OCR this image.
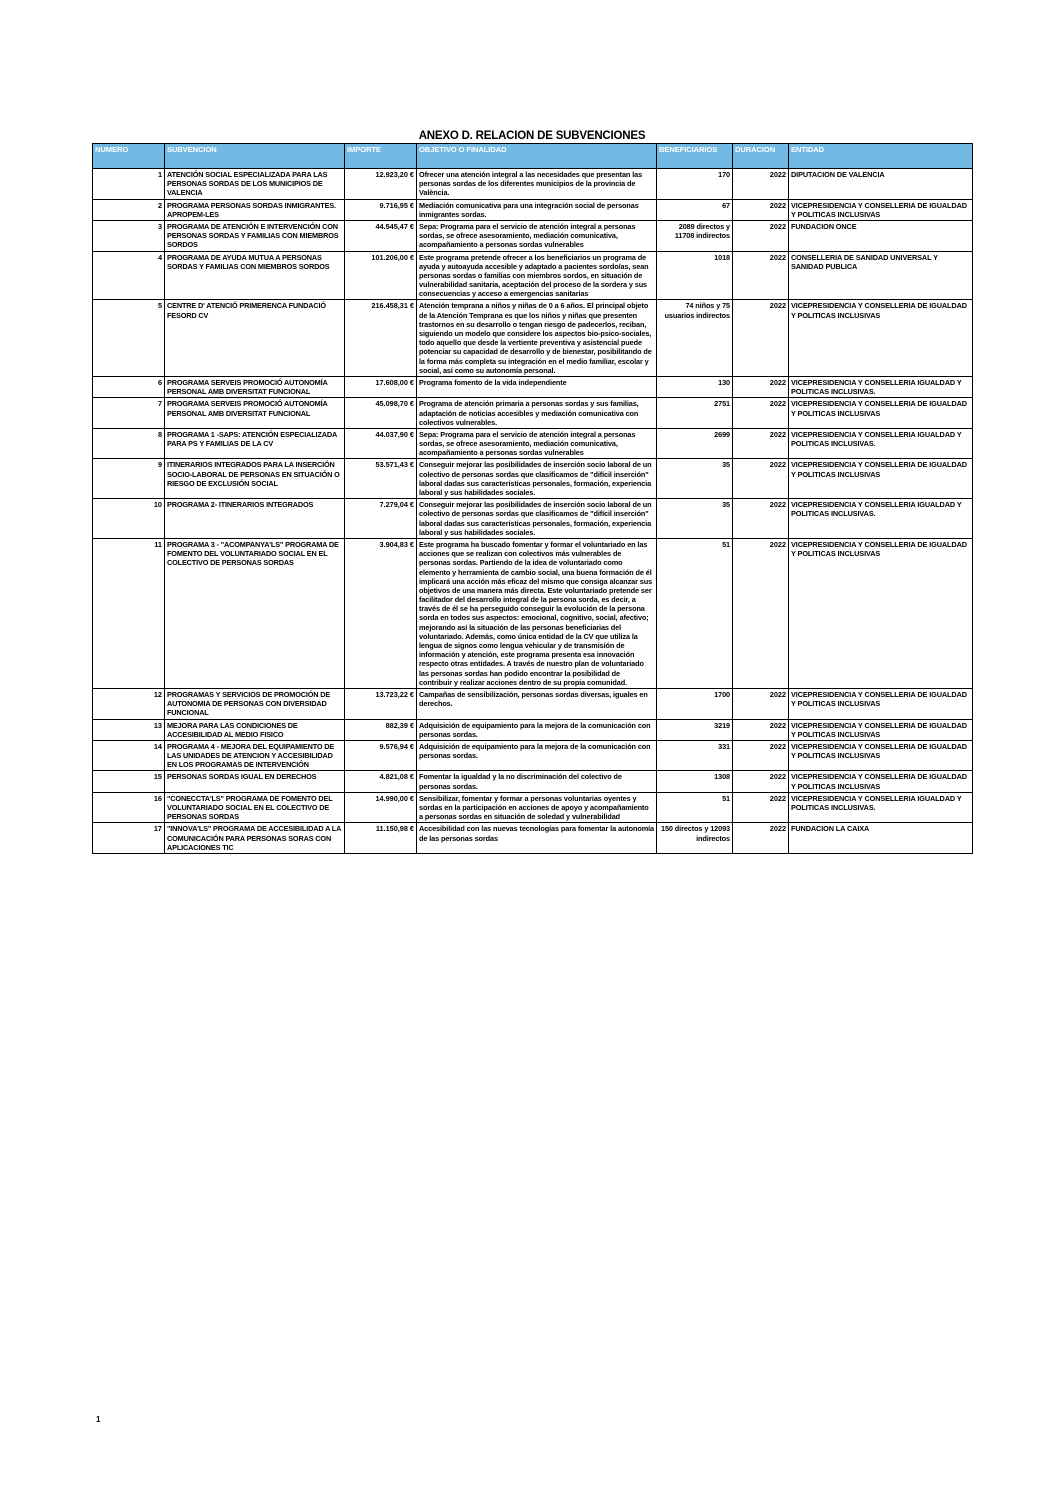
ANEXO D. RELACION DE SUBVENCIONES
NUMERO	SUBVENCION	IMPORTE	OBJETIVO O FINALIDAD	BENEFICIARIOS	DURACION	ENTIDAD
1	ATENCIÓN SOCIAL ESPECIALIZADA PARA LAS PERSONAS SORDAS DE LOS MUNICIPIOS DE VALENCIA	12.923,20 €	Ofrecer una atención integral a las necesidades que presentan las personas sordas de los diferentes municipios de la provincia de València.	170	2022	DIPUTACION DE VALENCIA
2	PROGRAMA PERSONAS SORDAS INMIGRANTES. APROPEM-LES	9.716,95 €	Mediación comunicativa para una integración social de personas inmigrantes sordas.	67	2022	VICEPRESIDENCIA Y CONSELLERIA DE IGUALDAD Y POLITICAS INCLUSIVAS
3	PROGRAMA DE ATENCIÓN E INTERVENCIÓN CON PERSONAS SORDAS Y FAMILIAS CON MIEMBROS SORDOS	44.545,47 €	Sepa: Programa para el servicio de atención integral a personas sordas, se ofrece asesoramiento, mediación comunicativa, acompañamiento a personas sordas vulnerables	2089 directos y 11708 indirectos	2022	FUNDACION ONCE
4	PROGRAMA DE AYUDA MUTUA A PERSONAS SORDAS Y FAMILIAS CON MIEMBROS SORDOS	101.206,00 €	Este programa pretende ofrecer a los beneficiarios un programa de ayuda y autoayuda accesible y adaptado a pacientes sordo/as, sean personas sordas o familias con miembros sordos, en situación de vulnerabilidad sanitaria, aceptación del proceso de la sordera y sus consecuencias y acceso a emergencias sanitarias	1018	2022	CONSELLERIA DE SANIDAD UNIVERSAL Y SANIDAD PUBLICA
5	CENTRE D' ATENCIÓ PRIMERENCA FUNDACIÓ FESORD CV	216.458,31 €	Atención temprana a niños y niñas de 0 a 6 años. El principal objeto de la Atención Temprana es que los niños y niñas que presenten trastornos en su desarrollo o tengan riesgo de padecerlos, reciban, siguiendo un modelo que considere los aspectos bio-psico-sociales, todo aquello que desde la vertiente preventiva y asistencial puede potenciar su capacidad de desarrollo y de bienestar, posibilitando de la forma más completa su integración en el medio familiar, escolar y social, así como su autonomía personal.	74 niños y 75 usuarios indirectos	2022	VICEPRESIDENCIA Y CONSELLERIA DE IGUALDAD Y POLITICAS INCLUSIVAS
6	PROGRAMA SERVEIS PROMOCIÓ AUTONOMÍA PERSONAL AMB DIVERSITAT FUNCIONAL	17.608,00 €	Programa fomento de la vida independiente	130	2022	VICEPRESIDENCIA Y CONSELLERIA IGUALDAD Y POLITICAS INCLUSIVAS.
7	PROGRAMA SERVEIS PROMOCIÓ AUTONOMÍA PERSONAL AMB DIVERSITAT FUNCIONAL	45.098,70 €	Programa de atención primaria a personas sordas y sus familias, adaptación de noticias accesibles y mediación comunicativa con colectivos vulnerables.	2751	2022	VICEPRESIDENCIA Y CONSELLERIA DE IGUALDAD Y POLITICAS INCLUSIVAS
8	PROGRAMA 1 -SAPS: ATENCIÓN ESPECIALIZADA PARA PS Y FAMILIAS DE LA CV	44.037,90 €	Sepa: Programa para el servicio de atención integral a personas sordas, se ofrece asesoramiento, mediación comunicativa, acompañamiento a personas sordas vulnerables	2699	2022	VICEPRESIDENCIA Y CONSELLERIA IGUALDAD Y POLITICAS INCLUSIVAS.
9	ITINERARIOS INTEGRADOS PARA LA INSERCIÓN SOCIO-LABORAL DE PERSONAS EN SITUACIÓN O RIESGO DE EXCLUSIÓN SOCIAL	53.571,43 €	Conseguir mejorar las posibilidades de inserción socio laboral de un colectivo de personas sordas que clasificamos de "difícil inserción" laboral dadas sus características personales, formación, experiencia laboral y sus habilidades sociales.	35	2022	VICEPRESIDENCIA Y CONSELLERIA DE IGUALDAD Y POLITICAS INCLUSIVAS
10	PROGRAMA 2- ITINERARIOS INTEGRADOS	7.279,04 €	Conseguir mejorar las posibilidades de inserción socio laboral de un colectivo de personas sordas que clasificamos de "difícil inserción" laboral dadas sus características personales, formación, experiencia laboral y sus habilidades sociales.	35	2022	VICEPRESIDENCIA Y CONSELLERIA IGUALDAD Y POLITICAS INCLUSIVAS.
11	PROGRAMA 3 - "ACOMPANYA'LS" PROGRAMA DE FOMENTO DEL VOLUNTARIADO SOCIAL EN EL COLECTIVO DE PERSONAS SORDAS	3.904,83 €	Este programa ha buscado fomentar y formar el voluntariado en las acciones que se realizan con colectivos más vulnerables de personas sordas. Partiendo de la idea de voluntariado como elemento y herramienta de cambio social, una buena formación de él implicará una acción más eficaz del mismo que consiga alcanzar sus objetivos de una manera más directa. Este voluntariado pretende ser facilitador del desarrollo integral de la persona sorda, es decir, a través de él se ha perseguido conseguir la evolución de la persona sorda en todos sus aspectos: emocional, cognitivo, social, afectivo; mejorando así la situación de las personas beneficiarias del voluntariado. Además, como única entidad de la CV que utiliza la lengua de signos como lengua vehicular y de transmisión de información y atención, este programa presenta esa innovación respecto otras entidades. A través de nuestro plan de voluntariado las personas sordas han podido encontrar la posibilidad de contribuir y realizar acciones dentro de su propia comunidad.	51	2022	VICEPRESIDENCIA Y CONSELLERIA DE IGUALDAD Y POLITICAS INCLUSIVAS
12	PROGRAMAS Y SERVICIOS DE PROMOCIÓN DE AUTONOMIA DE PERSONAS CON DIVERSIDAD FUNCIONAL	13.723,22 €	Campañas de sensibilización, personas sordas diversas, iguales en derechos.	1700	2022	VICEPRESIDENCIA Y CONSELLERIA DE IGUALDAD Y POLITICAS INCLUSIVAS
13	MEJORA PARA LAS CONDICIONES DE ACCESIBILIDAD AL MEDIO FISICO	882,39 €	Adquisición de equipamiento para la mejora de la comunicación con personas sordas.	3219	2022	VICEPRESIDENCIA Y CONSELLERIA DE IGUALDAD Y POLITICAS INCLUSIVAS
14	PROGRAMA 4 - MEJORA DEL EQUIPAMIENTO DE LAS UNIDADES DE ATENCION Y ACCESIBILIDAD EN LOS PROGRAMAS DE INTERVENCIÓN	9.576,94 €	Adquisición de equipamiento para la mejora de la comunicación con personas sordas.	331	2022	VICEPRESIDENCIA Y CONSELLERIA DE IGUALDAD Y POLITICAS INCLUSIVAS
15	PERSONAS SORDAS IGUAL EN DERECHOS	4.821,08 €	Fomentar la igualdad y la no discriminación del colectivo de personas sordas.	1308	2022	VICEPRESIDENCIA Y CONSELLERIA DE IGUALDAD Y POLITICAS INCLUSIVAS
16	"CONECCTA'LS" PROGRAMA DE FOMENTO DEL VOLUNTARIADO SOCIAL EN EL COLECTIVO DE PERSONAS SORDAS	14.990,00 €	Sensibilizar, fomentar y formar a personas voluntarias oyentes y sordas en la participación en acciones de apoyo y acompañamiento a personas sordas en situación de soledad y vulnerabilidad	51	2022	VICEPRESIDENCIA Y CONSELLERIA IGUALDAD Y POLITICAS INCLUSIVAS.
17	"INNOVA'LS" PROGRAMA DE ACCESIBILIDAD A LA COMUNICACIÓN PARA PERSONAS SORAS CON APLICACIONES TIC	11.150,98 €	Accesibilidad con las nuevas tecnologías para fomentar la autonomía de las personas sordas	150 directos y 12093 indirectos	2022	FUNDACION LA CAIXA
1
